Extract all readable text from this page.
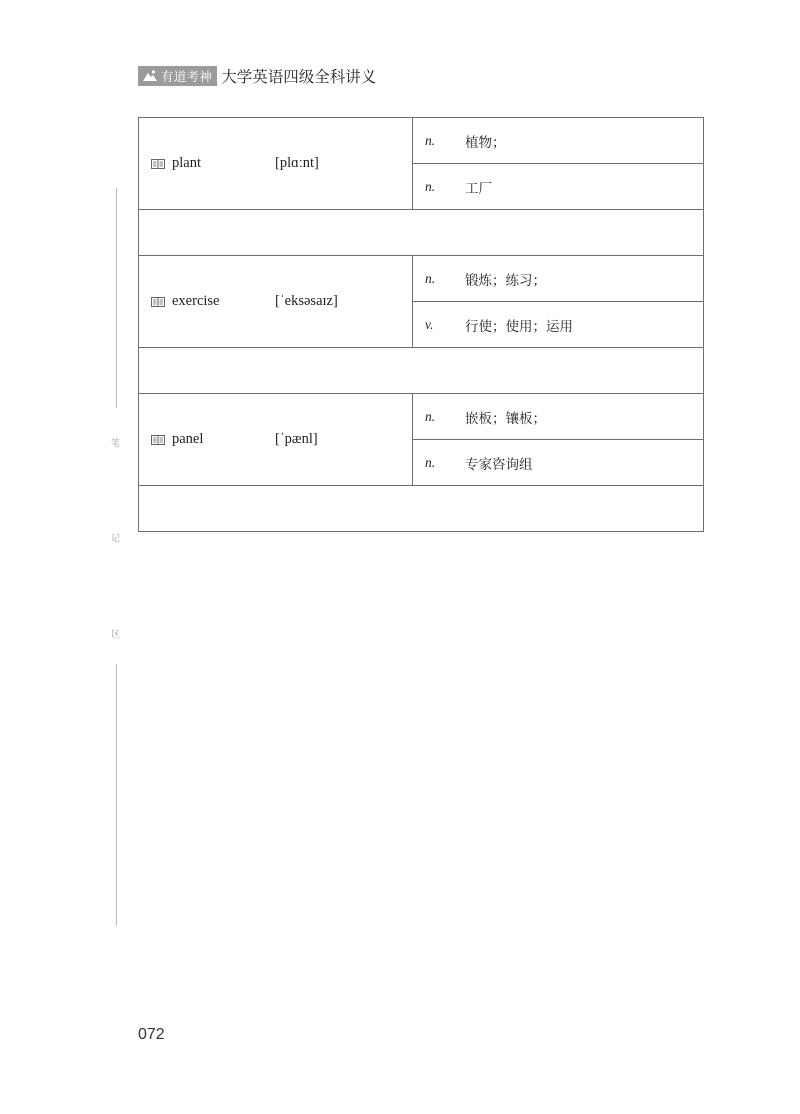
有道考神 大学英语四级全科讲义
笔
记
区
plant [plɑːnt]	n. 植物；

	n. 工厂

exercise [ˈeksəsaɪz]	n. 锻炼；练习；

	v. 行使；使用；运用

panel [ˈpænl]	n. 嵌板；镶板；

	n. 专家咨询组

072
